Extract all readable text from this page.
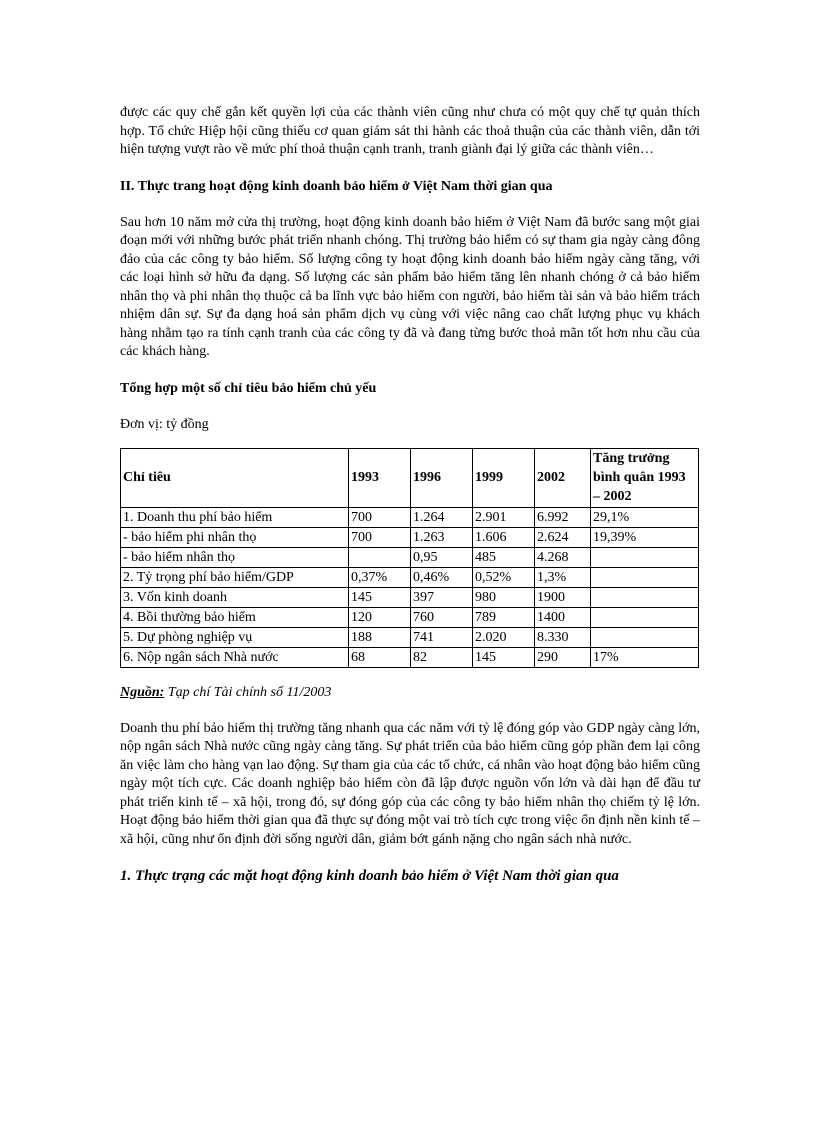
được các quy chế gắn kết quyền lợi của các thành viên cũng như chưa có một quy chế tự quản thích hợp. Tổ chức Hiệp hội cũng thiếu cơ quan giám sát thi hành các thoả thuận của các thành viên, dẫn tới hiện tượng vượt rào về mức phí thoả thuận cạnh tranh, tranh giành đại lý giữa các thành viên…

II. Thực trang hoạt động kinh doanh bảo hiểm ở Việt Nam thời gian qua

Sau hơn 10 năm mở cửa thị trường, hoạt động kinh doanh bảo hiểm ở Việt Nam đã bước sang một giai đoạn mới với những bước phát triển nhanh chóng. Thị trường bảo hiểm có sự tham gia ngày càng đông đảo của các công ty bảo hiểm. Số lượng công ty hoạt động kinh doanh bảo hiểm ngày càng tăng, với các loại hình sở hữu đa dạng. Số lượng các sản phẩm bảo hiểm tăng lên nhanh chóng ở cả bảo hiểm nhân thọ và phi nhân thọ thuộc cả ba lĩnh vực bảo hiểm con người, bảo hiểm tài sản và bảo hiểm trách nhiệm dân sự. Sự đa dạng hoá sản phẩm dịch vụ cùng với việc nâng cao chất lượng phục vụ khách hàng nhằm tạo ra tính cạnh tranh của các công ty đã và đang từng bước thoả mãn tốt hơn nhu cầu của các khách hàng.

Tổng hợp một số chỉ tiêu bảo hiểm chủ yếu
Đơn vị: tỷ đồng
Chỉ tiêu	1993	1996	1999	2002	Tăng trưởng bình quân 1993 – 2002
1. Doanh thu phí bảo hiểm	700	1.264	2.901	6.992	29,1%
- bảo hiểm phi nhân thọ	700	1.263	1.606	2.624	19,39%
- bảo hiểm nhân thọ		0,95	485	4.268	
2. Tỷ trọng phí bảo hiểm/GDP	0,37%	0,46%	0,52%	1,3%	
3. Vốn kinh doanh	145	397	980	1900	
4. Bồi thường bảo hiểm	120	760	789	1400	
5. Dự phòng nghiệp vụ	188	741	2.020	8.330	
6. Nộp ngân sách Nhà nước	68	82	145	290	17%
Nguồn: Tạp chí Tài chính số 11/2003

Doanh thu phí bảo hiểm thị trường tăng nhanh qua các năm với tỷ lệ đóng góp vào GDP ngày càng lớn, nộp ngân sách Nhà nước cũng ngày càng tăng. Sự phát triển của bảo hiểm cũng góp phần đem lại công ăn việc làm cho hàng vạn lao động. Sự tham gia của các tổ chức, cá nhân vào hoạt động bảo hiểm cũng ngày một tích cực. Các doanh nghiệp bảo hiểm còn đã lập được nguồn vốn lớn và dài hạn để đầu tư phát triển kinh tế – xã hội, trong đó, sự đóng góp của các công ty bảo hiểm nhân thọ chiếm tỷ lệ lớn. Hoạt động bảo hiểm thời gian qua đã thực sự đóng một vai trò tích cực trong việc ổn định nền kinh tế – xã hội, cũng như ổn định đời sống người dân, giảm bớt gánh nặng cho ngân sách nhà nước.

1. Thực trạng các mặt hoạt động kinh doanh bảo hiểm ở Việt Nam thời gian qua
